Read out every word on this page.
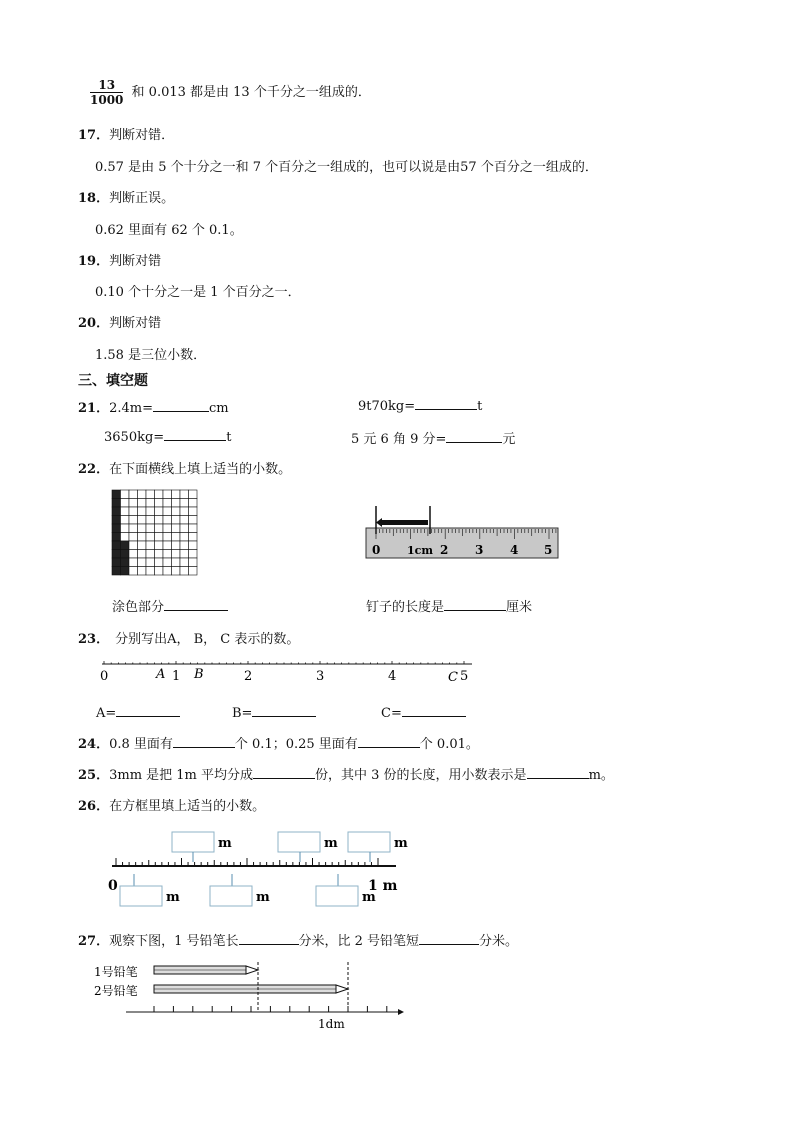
$\frac{13}{1000}$ 和 0.013 都是由 13 个千分之一组成的．
17．判断对错．
0.57 是由 5 个十分之一和 7 个百分之一组成的，也可以说是由57 个百分之一组成的．
18．判断正误。
0.62 里面有 62 个 0.1。
19．判断对错
0.10 个十分之一是 1 个百分之一．
20．判断对错
1.58 是三位小数．
三、填空题
21．2.4m=	cm	9t70kg=	t
3650kg=	t	5 元 6 角 9 分=	元
22．在下面横线上填上适当的小数。
0 1cm 2 3 4 5
涂色部分	钉子的长度是	厘米
23． 分别写出A， B， C 表示的数。
0	1	2	3	4	5
A B	C
A=	B=	C=
24．0.8 里面有	个 0.1；0.25 里面有	个 0.01。
25．3mm 是把 1m 平均分成	份，其中 3 份的长度，用小数表示是	m。
26．在方框里填上适当的小数。
m	m	m
m	m	m
0	1 m
27．观察下图，1 号铅笔长	分米，比 2 号铅笔短	分米。
1号铅笔
2号铅笔
1dm
